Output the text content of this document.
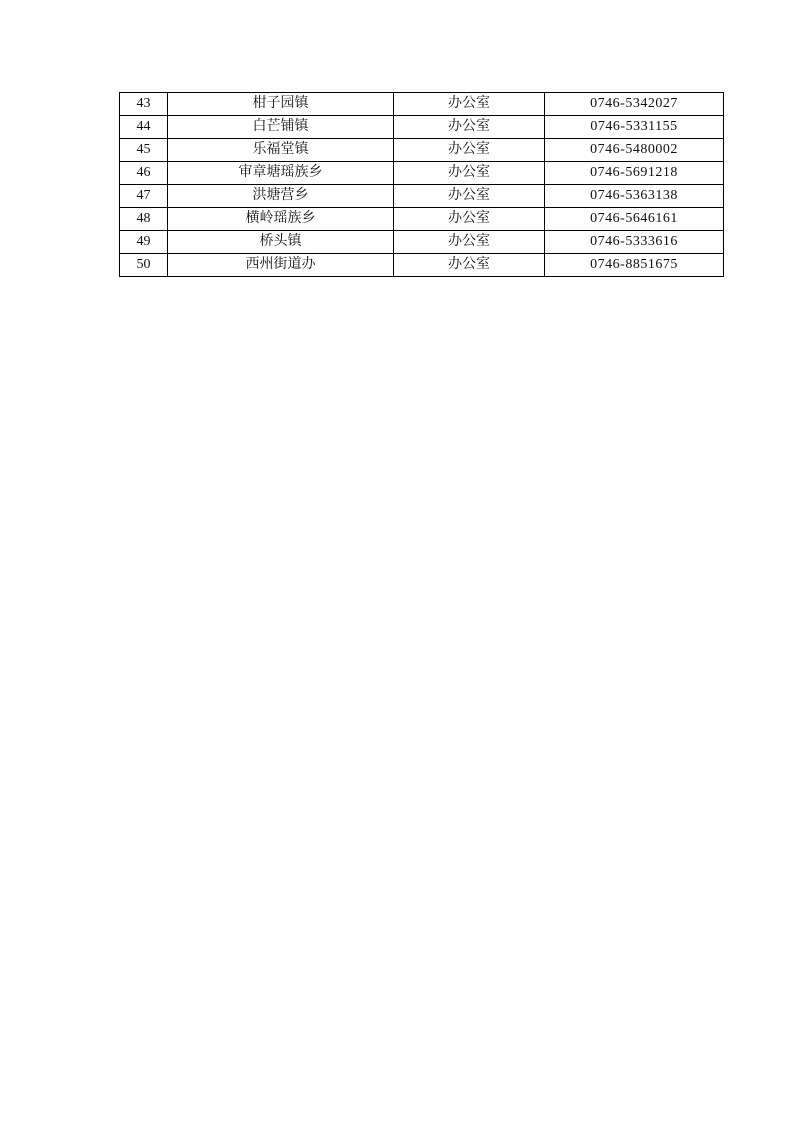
43	柑子园镇	办公室	0746-5342027
44	白芒铺镇	办公室	0746-5331155
45	乐福堂镇	办公室	0746-5480002
46	审章塘瑶族乡	办公室	0746-5691218
47	洪塘营乡	办公室	0746-5363138
48	横岭瑶族乡	办公室	0746-5646161
49	桥头镇	办公室	0746-5333616
50	西州街道办	办公室	0746-8851675
